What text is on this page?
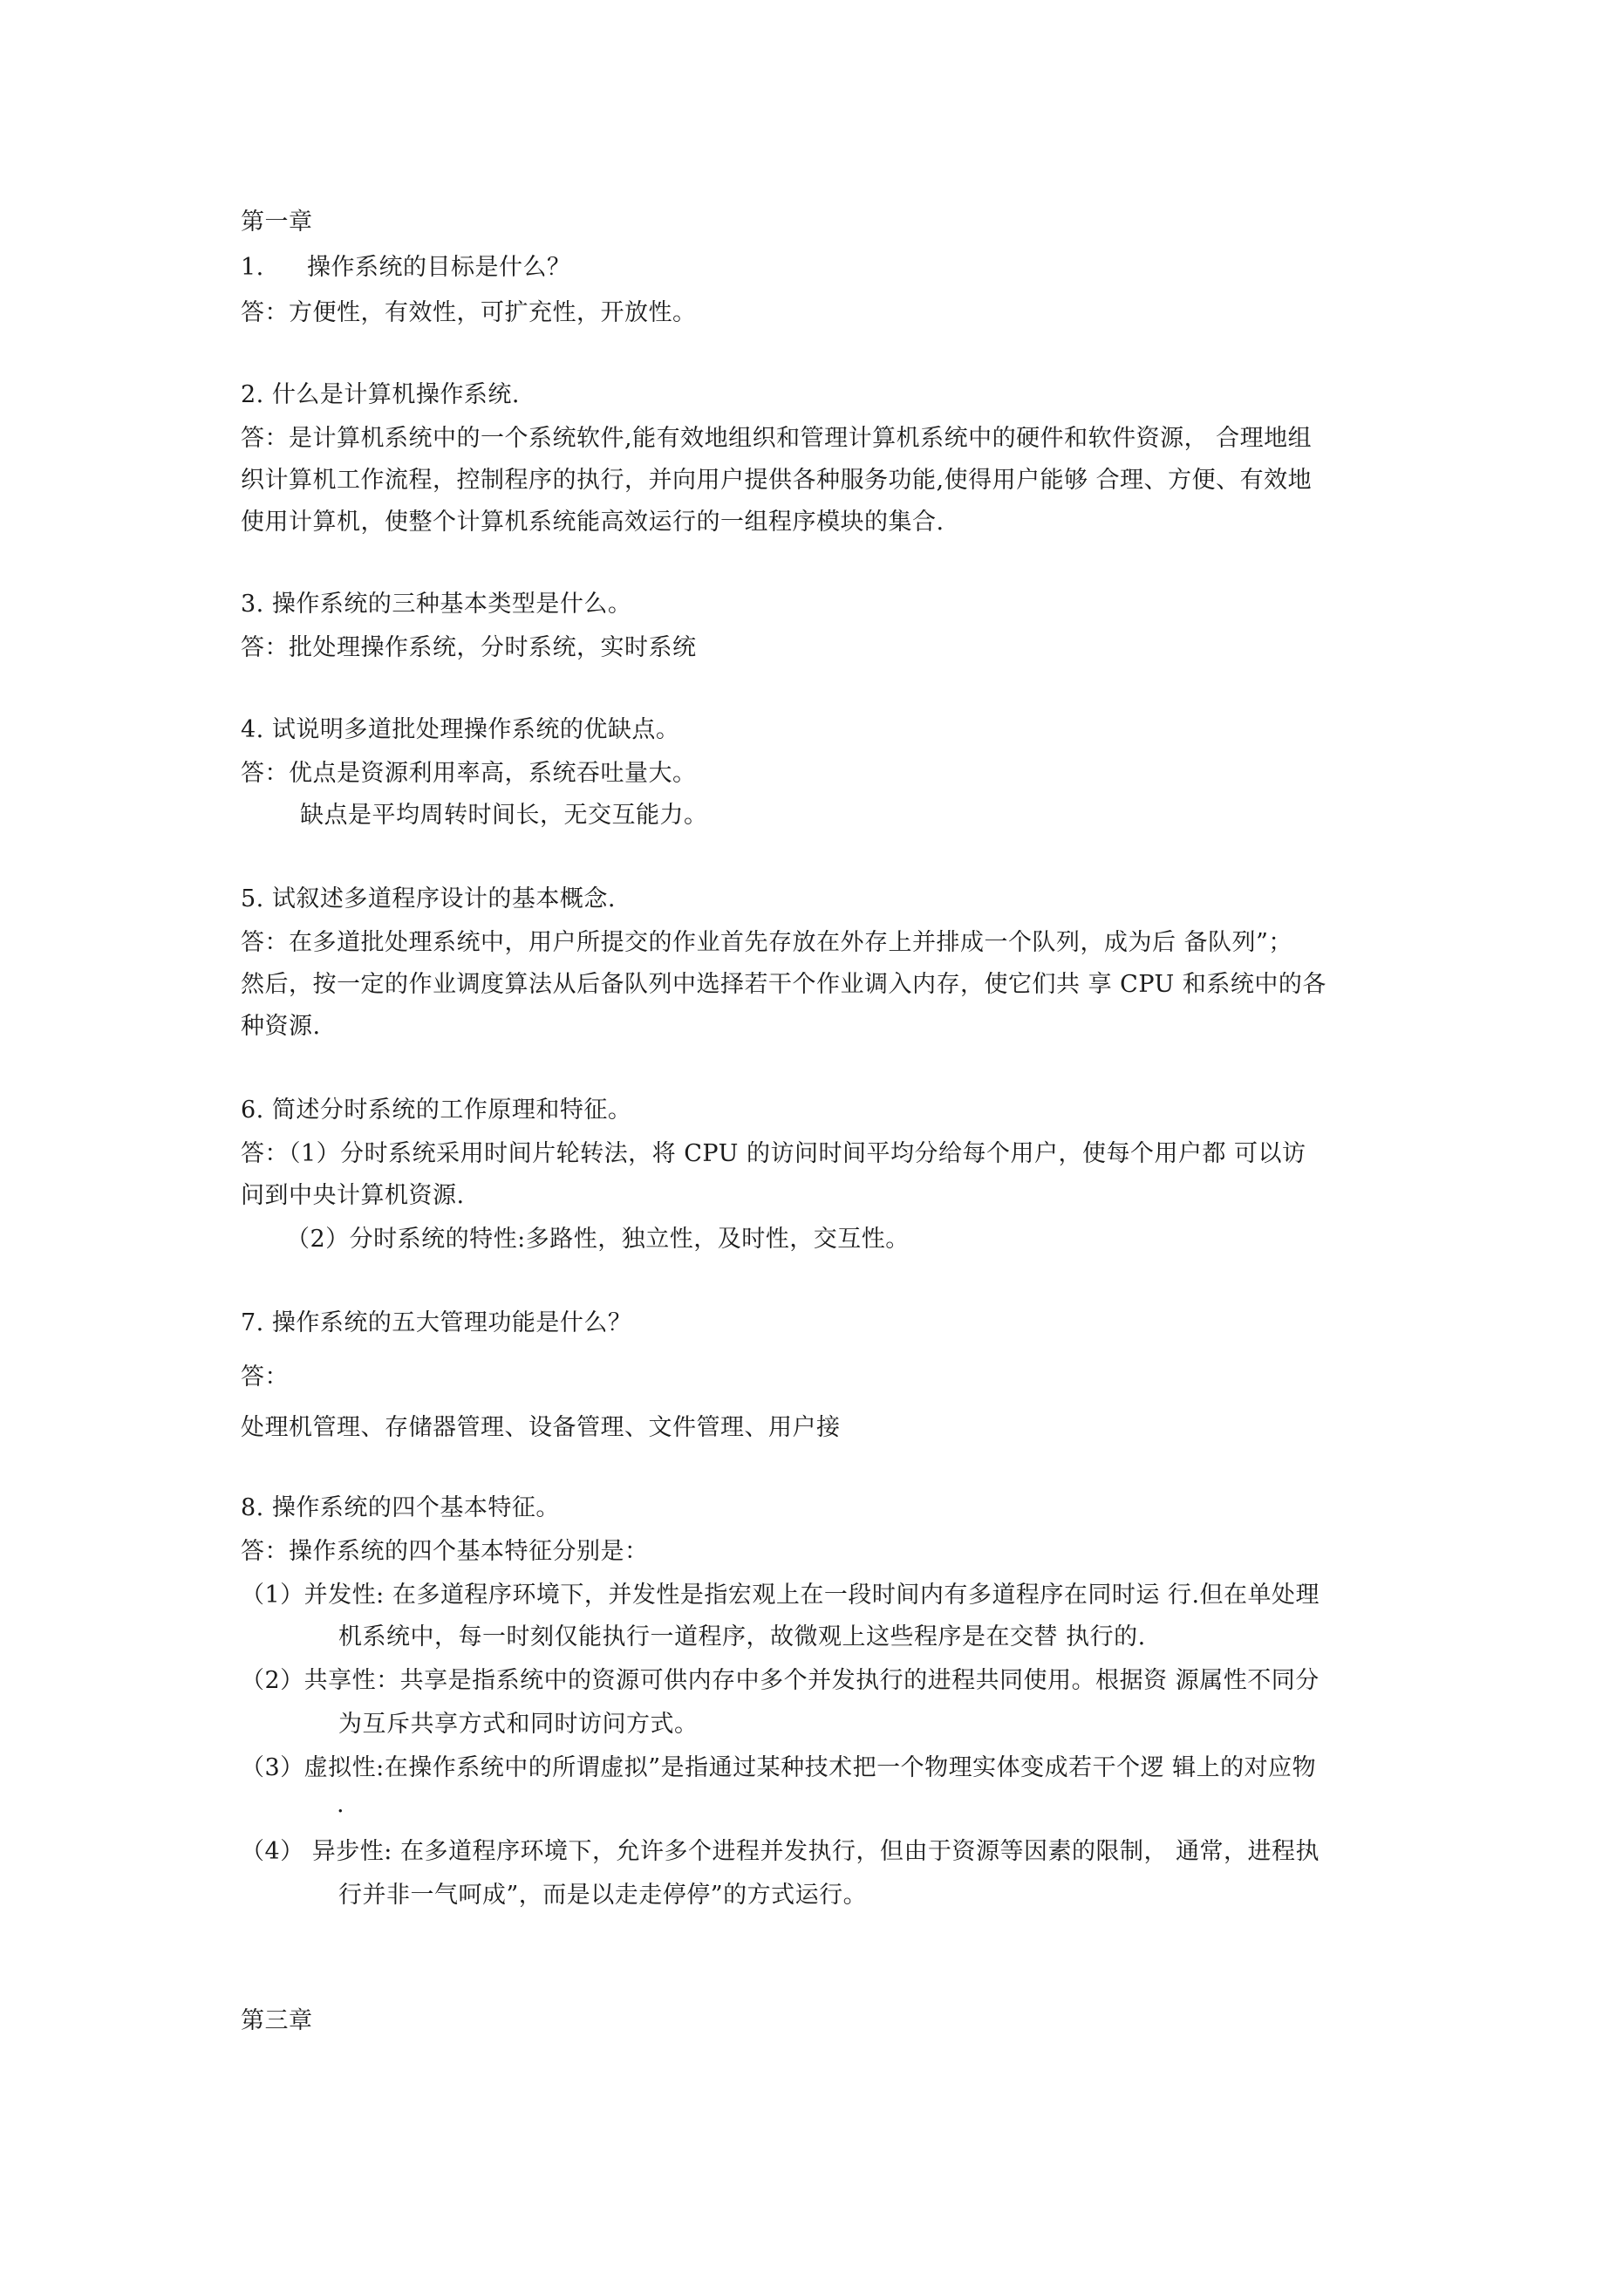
第一章
1. 操作系统的目标是什么？
答：方便性，有效性，可扩充性，开放性。
2. 什么是计算机操作系统.
答：是计算机系统中的一个系统软件,能有效地组织和管理计算机系统中的硬件和软件资源， 合理地组
织计算机工作流程，控制程序的执行，并向用户提供各种服务功能,使得用户能够 合理、方便、有效地
使用计算机，使整个计算机系统能高效运行的一组程序模块的集合.
3. 操作系统的三种基本类型是什么。
答：批处理操作系统，分时系统，实时系统
4. 试说明多道批处理操作系统的优缺点。
答：优点是资源利用率高，系统吞吐量大。
缺点是平均周转时间长，无交互能力。
5. 试叙述多道程序设计的基本概念.
答：在多道批处理系统中，用户所提交的作业首先存放在外存上并排成一个队列，成为后 备队列”；
然后，按一定的作业调度算法从后备队列中选择若干个作业调入内存，使它们共 享 CPU 和系统中的各
种资源.
6. 简述分时系统的工作原理和特征。
答：（1）分时系统采用时间片轮转法，将 CPU 的访问时间平均分给每个用户，使每个用户都 可以访
问到中央计算机资源.
（2）分时系统的特性:多路性，独立性，及时性，交互性。
7. 操作系统的五大管理功能是什么？
答：
处理机管理、存储器管理、设备管理、文件管理、用户接
8. 操作系统的四个基本特征。
答：操作系统的四个基本特征分别是：
（1）并发性: 在多道程序环境下，并发性是指宏观上在一段时间内有多道程序在同时运 行.但在单处理
机系统中，每一时刻仅能执行一道程序，故微观上这些程序是在交替 执行的.
（2）共享性：共享是指系统中的资源可供内存中多个并发执行的进程共同使用。根据资 源属性不同分
为互斥共享方式和同时访问方式。
（3）虚拟性:在操作系统中的所谓虚拟”是指通过某种技术把一个物理实体变成若干个逻 辑上的对应物
.
（4） 异步性: 在多道程序环境下，允许多个进程并发执行，但由于资源等因素的限制， 通常，进程执
行并非一气呵成”，而是以走走停停”的方式运行。
第三章
